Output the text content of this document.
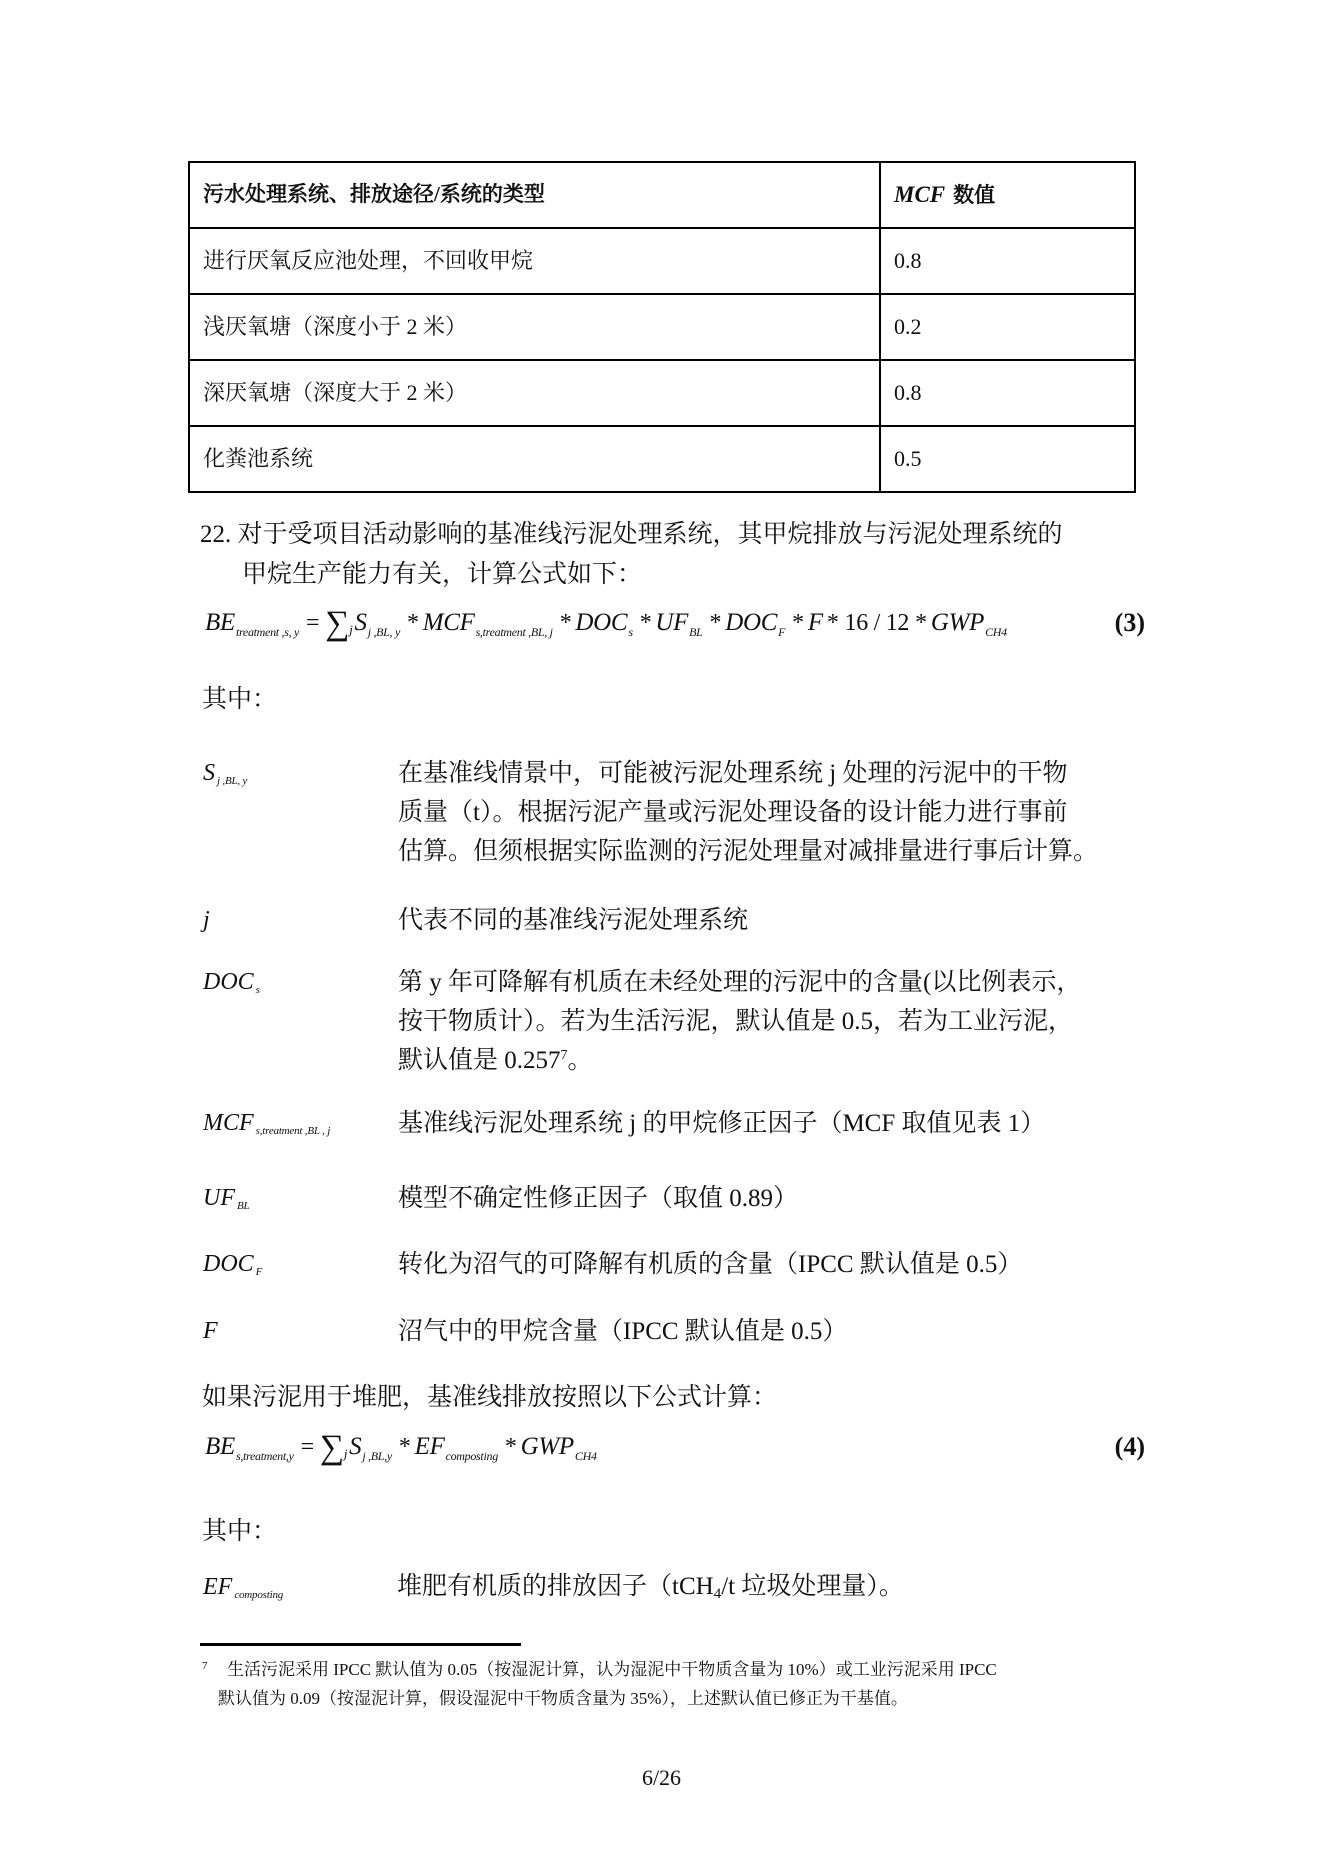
污水处理系统、排放途径/系统的类型	MCF 数值
进行厌氧反应池处理，不回收甲烷	0.8
浅厌氧塘（深度小于 2 米）	0.2
深厌氧塘（深度大于 2 米）	0.8
化粪池系统	0.5
22. 对于受项目活动影响的基准线污泥处理系统，其甲烷排放与污泥处理系统的
甲烷生产能力有关，计算公式如下：
BE treatment ,s, y = ∑j S j ,BL, y * MCF s,treatment ,BL, j * DOC s * UF BL * DOC F * F * 16 / 12 * GWP CH4	(3)
其中：
S j ,BL, y	在基准线情景中，可能被污泥处理系统 j 处理的污泥中的干物
质量（t）。根据污泥产量或污泥处理设备的设计能力进行事前
估算。但须根据实际监测的污泥处理量对减排量进行事后计算。
j	代表不同的基准线污泥处理系统
DOC s	第 y 年可降解有机质在未经处理的污泥中的含量(以比例表示，
按干物质计）。若为生活污泥，默认值是 0.5，若为工业污泥，
默认值是 0.257$^7$。
MCF s,treatment ,BL , j	基准线污泥处理系统 j 的甲烷修正因子（MCF 取值见表 1）
UF BL	模型不确定性修正因子（取值 0.89）
DOC F	转化为沼气的可降解有机质的含量（IPCC 默认值是 0.5）
F	沼气中的甲烷含量（IPCC 默认值是 0.5）
如果污泥用于堆肥，基准线排放按照以下公式计算：
BE s,treatment,y = ∑j S j ,BL,y * EF composting * GWP CH4	(4)
其中：
EF composting	堆肥有机质的排放因子（tCH$_4$/t 垃圾处理量）。
7 生活污泥采用 IPCC 默认值为 0.05（按湿泥计算，认为湿泥中干物质含量为 10%）或工业污泥采用 IPCC
默认值为 0.09（按湿泥计算，假设湿泥中干物质含量为 35%），上述默认值已修正为干基值。
6/26
